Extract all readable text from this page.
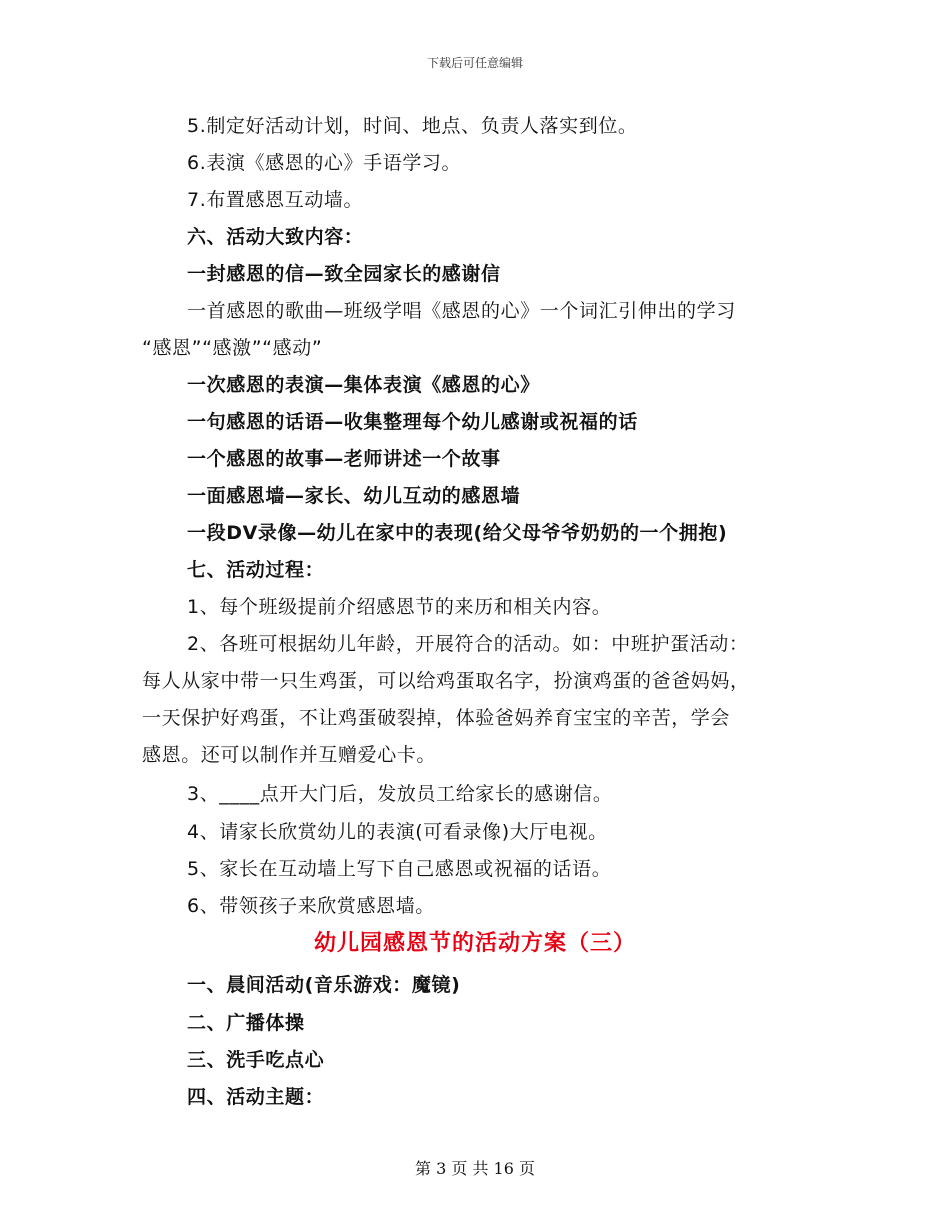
下载后可任意编辑
5.制定好活动计划，时间、地点、负责人落实到位。
6.表演《感恩的心》手语学习。
7.布置感恩互动墙。
六、活动大致内容：
一封感恩的信—致全园家长的感谢信
一首感恩的歌曲—班级学唱《感恩的心》一个词汇引伸出的学习
“感恩”“感激”“感动”
一次感恩的表演—集体表演《感恩的心》
一句感恩的话语—收集整理每个幼儿感谢或祝福的话
一个感恩的故事—老师讲述一个故事
一面感恩墙—家长、幼儿互动的感恩墙
一段DV录像—幼儿在家中的表现(给父母爷爷奶奶的一个拥抱)
七、活动过程：
1、每个班级提前介绍感恩节的来历和相关内容。
2、各班可根据幼儿年龄，开展符合的活动。如：中班护蛋活动：
每人从家中带一只生鸡蛋，可以给鸡蛋取名字，扮演鸡蛋的爸爸妈妈，
一天保护好鸡蛋，不让鸡蛋破裂掉，体验爸妈养育宝宝的辛苦，学会
感恩。还可以制作并互赠爱心卡。
3、____点开大门后，发放员工给家长的感谢信。
4、请家长欣赏幼儿的表演(可看录像)大厅电视。
5、家长在互动墙上写下自己感恩或祝福的话语。
6、带领孩子来欣赏感恩墙。
幼儿园感恩节的活动方案（三）
一、晨间活动(音乐游戏：魔镜)
二、广播体操
三、洗手吃点心
四、活动主题：
第 3 页 共 16 页
